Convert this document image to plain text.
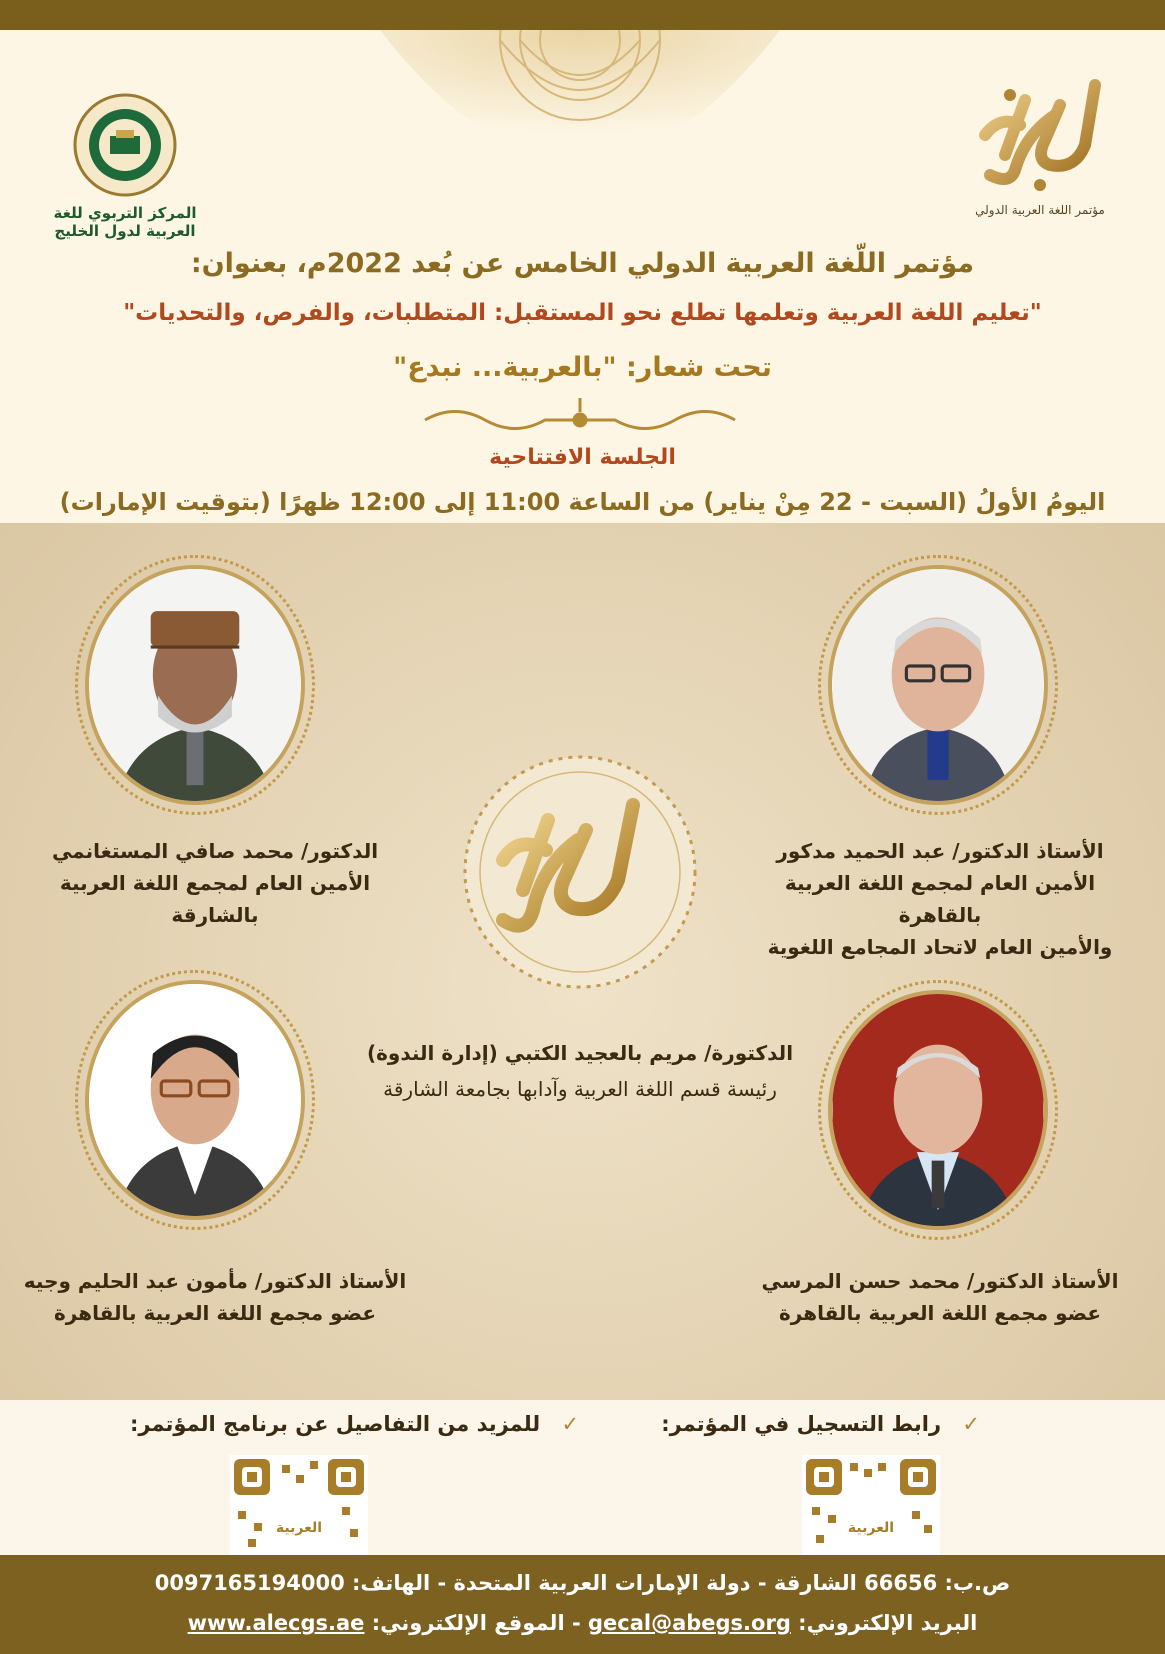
مؤتمر اللغة العربية الدولي
المركز التربوي للغة العربية لدول الخليج
مؤتمر اللّغة العربية الدولي الخامس عن بُعد 2022م، بعنوان:
"تعليم اللغة العربية وتعلمها تطلع نحو المستقبل: المتطلبات، والفرص، والتحديات"
تحت شعار: "بالعربية... نبدع"
الجلسة الافتتاحية
اليومُ الأولُ (السبت - 22 مِنْ يناير) من الساعة 11:00 إلى 12:00 ظهرًا (بتوقيت الإمارات)
الأستاذ الدكتور/ عبد الحميد مدكور
الأمين العام لمجمع اللغة العربية بالقاهرة
والأمين العام لاتحاد المجامع اللغوية
الدكتور/ محمد صافي المستغانمي
الأمين العام لمجمع اللغة العربية
بالشارقة
الدكتورة/ مريم بالعجيد الكتبي (إدارة الندوة)
رئيسة قسم اللغة العربية وآدابها بجامعة الشارقة
الأستاذ الدكتور/ محمد حسن المرسي
عضو مجمع اللغة العربية بالقاهرة
الأستاذ الدكتور/ مأمون عبد الحليم وجيه
عضو مجمع اللغة العربية بالقاهرة
✓ رابط التسجيل في المؤتمر:
✓ للمزيد من التفاصيل عن برنامج المؤتمر:
العربية
العربية
ص.ب: 66656 الشارقة - دولة الإمارات العربية المتحدة - الهاتف: 0097165194000
البريد الإلكتروني: gecal@abegs.org - الموقع الإلكتروني: www.alecgs.ae
